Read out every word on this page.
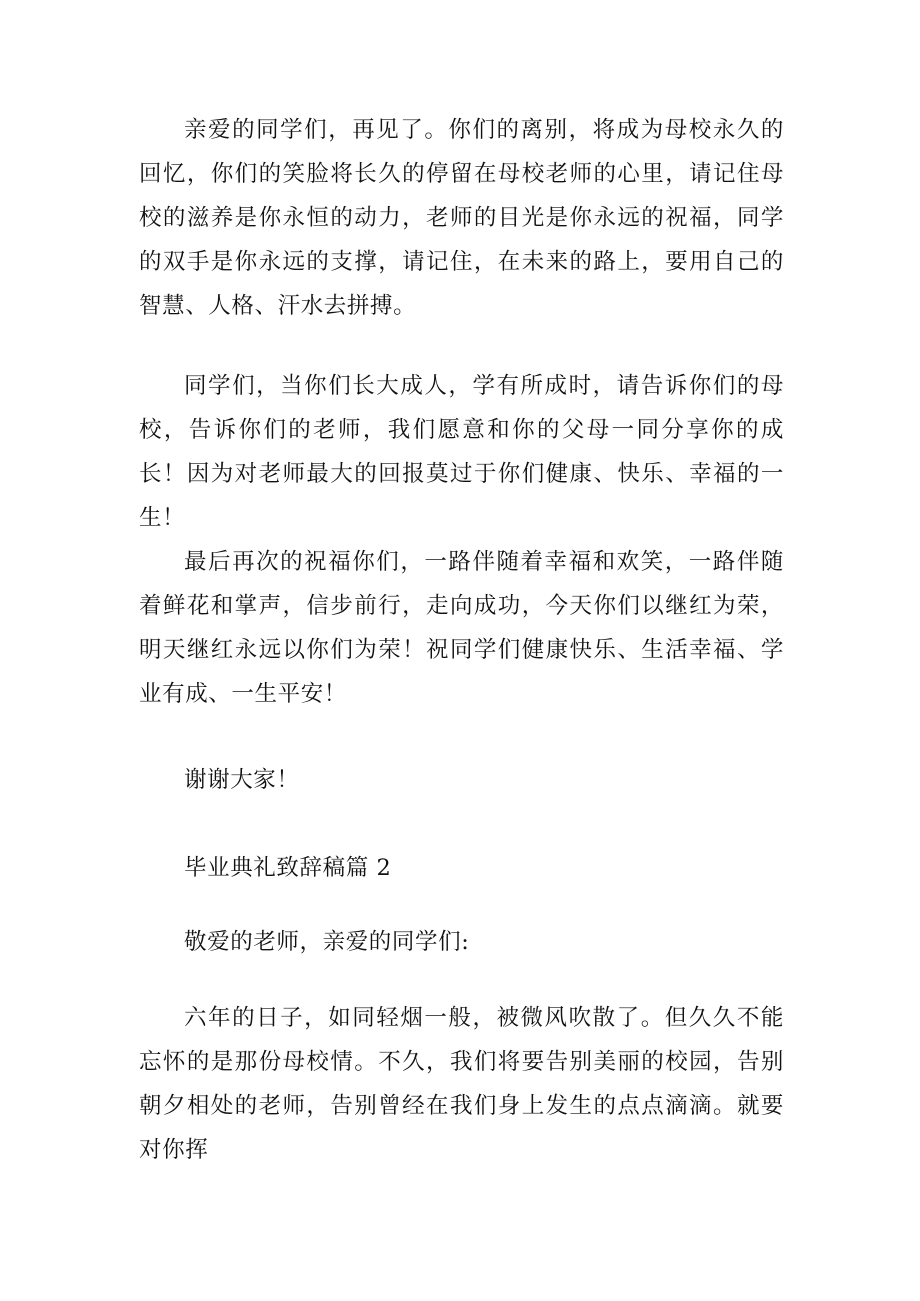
亲爱的同学们，再见了。你们的离别，将成为母校永久的回忆，你们的笑脸将长久的停留在母校老师的心里，请记住母校的滋养是你永恒的动力，老师的目光是你永远的祝福，同学的双手是你永远的支撑，请记住，在未来的路上，要用自己的智慧、人格、汗水去拼搏。

同学们，当你们长大成人，学有所成时，请告诉你们的母校，告诉你们的老师，我们愿意和你的父母一同分享你的成长！因为对老师最大的回报莫过于你们健康、快乐、幸福的一生！

最后再次的祝福你们，一路伴随着幸福和欢笑，一路伴随着鲜花和掌声，信步前行，走向成功，今天你们以继红为荣，明天继红永远以你们为荣！祝同学们健康快乐、生活幸福、学业有成、一生平安！

谢谢大家！

毕业典礼致辞稿篇 2

敬爱的老师，亲爱的同学们:

六年的日子，如同轻烟一般，被微风吹散了。但久久不能忘怀的是那份母校情。不久，我们将要告别美丽的校园，告别朝夕相处的老师，告别曾经在我们身上发生的点点滴滴。就要对你挥
